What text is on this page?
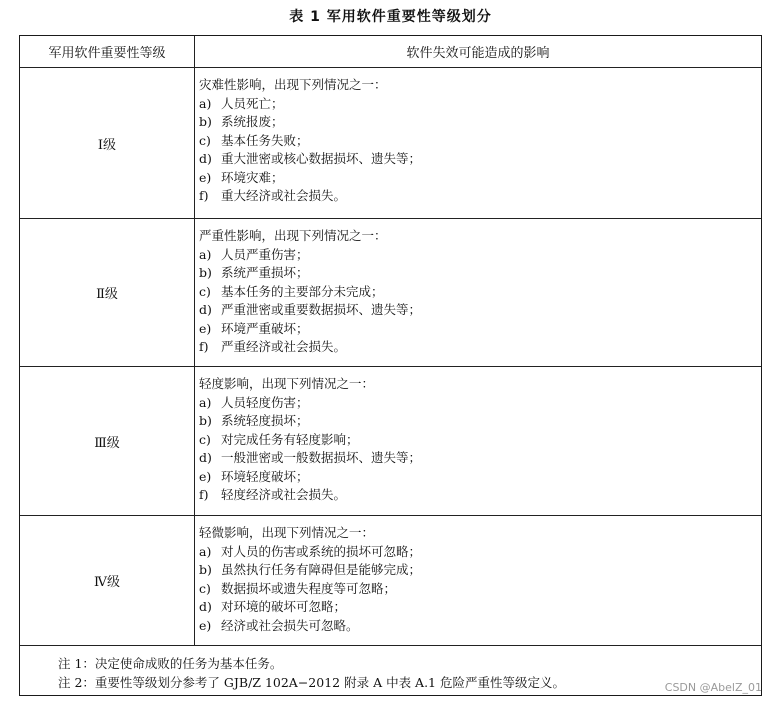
表 1 军用软件重要性等级划分
军用软件重要性等级	软件失效可能造成的影响
Ⅰ级
灾难性影响，出现下列情况之一：
a) 人员死亡；
b) 系统报废；
c) 基本任务失败；
d) 重大泄密或核心数据损坏、遗失等；
e) 环境灾难；
f) 重大经济或社会损失。
Ⅱ级
严重性影响，出现下列情况之一：
a) 人员严重伤害；
b) 系统严重损坏；
c) 基本任务的主要部分未完成；
d) 严重泄密或重要数据损坏、遗失等；
e) 环境严重破坏；
f) 严重经济或社会损失。
Ⅲ级
轻度影响，出现下列情况之一：
a) 人员轻度伤害；
b) 系统轻度损坏；
c) 对完成任务有轻度影响；
d) 一般泄密或一般数据损坏、遗失等；
e) 环境轻度破坏；
f) 轻度经济或社会损失。
Ⅳ级
轻微影响，出现下列情况之一：
a) 对人员的伤害或系统的损坏可忽略；
b) 虽然执行任务有障碍但是能够完成；
c) 数据损坏或遗失程度等可忽略；
d) 对环境的破坏可忽略；
e) 经济或社会损失可忽略。
注 1：决定使命成败的任务为基本任务。
注 2：重要性等级划分参考了 GJB/Z 102A−2012 附录 A 中表 A.1 危险严重性等级定义。	CSDN @AbelZ_01
